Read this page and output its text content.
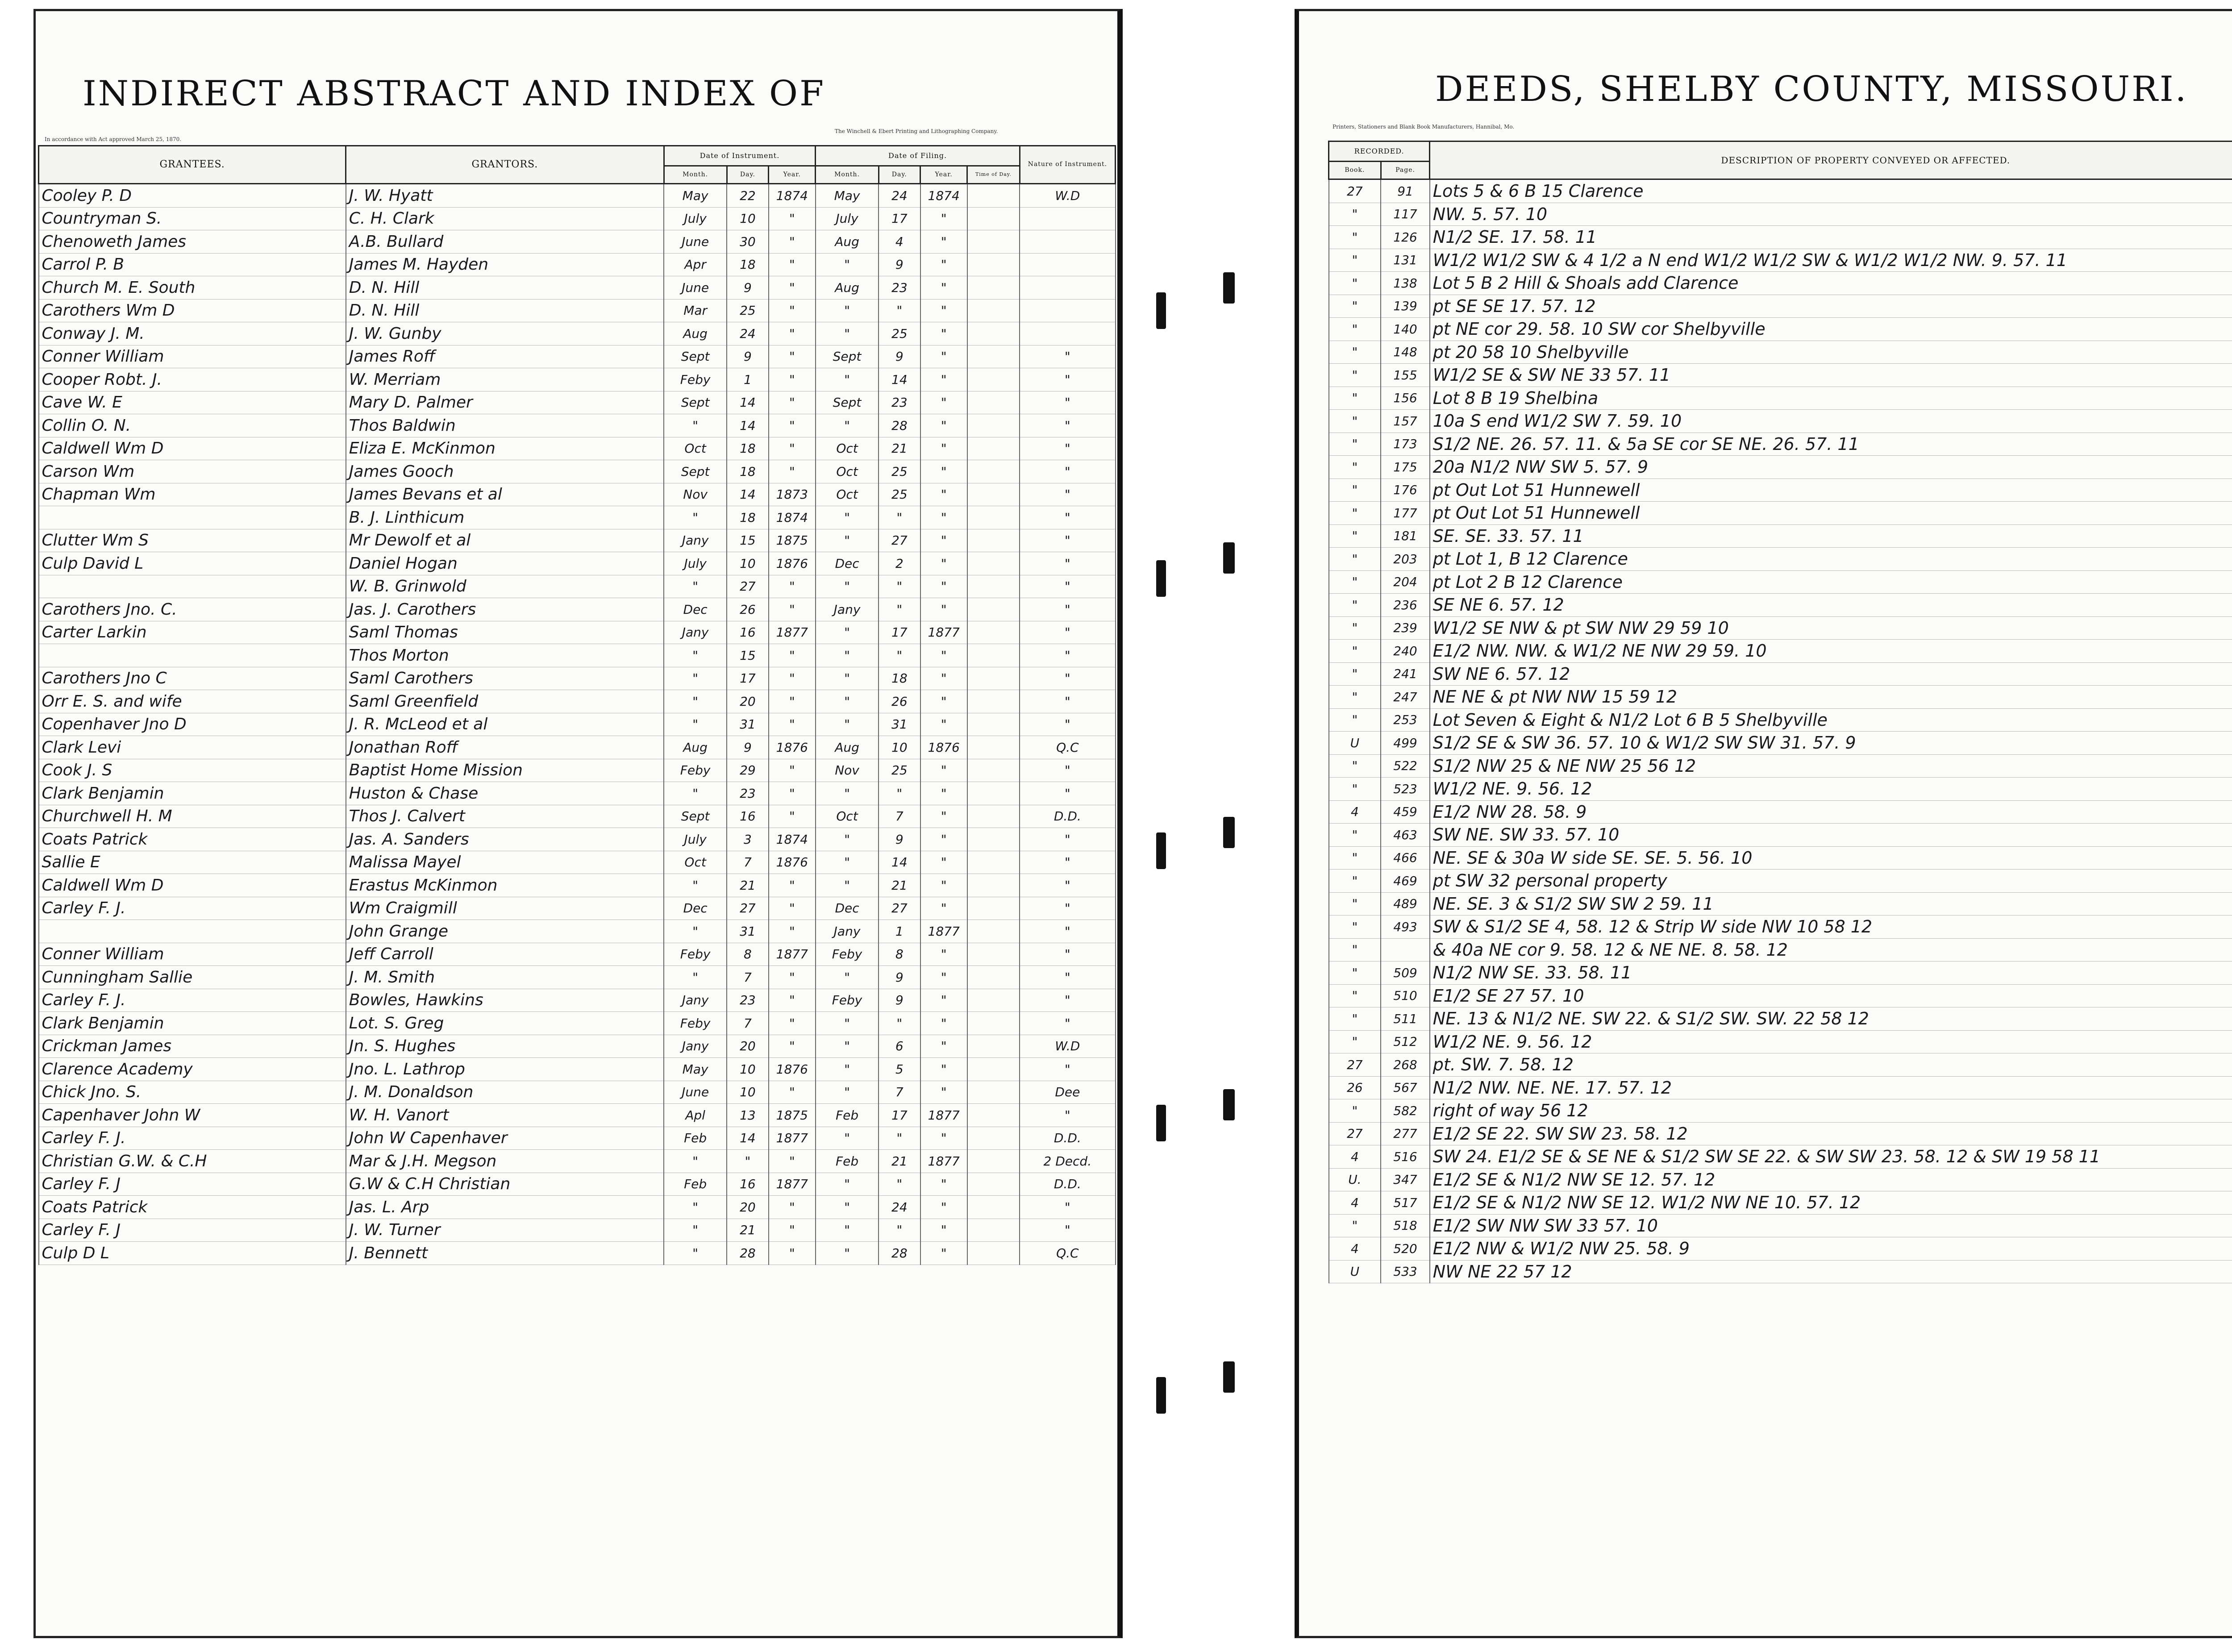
INDIRECT ABSTRACT AND INDEX OF
In accordance with Act approved March 25, 1870.
The Winchell & Ebert Printing and Lithographing Company.
GRANTEES.	GRANTORS.	Date of Instrument.			Date of Filing.				Nature of Instrument.
		Month.	Day.	Year.	Month.	Day.	Year.	Time of Day.	
Cooley P. D	J. W. Hyatt	May	22	1874	May	24	1874		W.D
Countryman S.	C. H. Clark	July	10	"	July	17	"		
Chenoweth James	A.B. Bullard	June	30	"	Aug	4	"		
Carrol P. B	James M. Hayden	Apr	18	"	"	9	"		
Church M. E. South	D. N. Hill	June	9	"	Aug	23	"		
Carothers Wm D	D. N. Hill	Mar	25	"	"	"	"		
Conway J. M.	J. W. Gunby	Aug	24	"	"	25	"		
Conner William	James Roff	Sept	9	"	Sept	9	"		"
Cooper Robt. J.	W. Merriam	Feby	1	"	"	14	"		"
Cave W. E	Mary D. Palmer	Sept	14	"	Sept	23	"		"
Collin O. N.	Thos Baldwin	"	14	"	"	28	"		"
Caldwell Wm D	Eliza E. McKinmon	Oct	18	"	Oct	21	"		"
Carson Wm	James Gooch	Sept	18	"	Oct	25	"		"
Chapman Wm	James Bevans et al	Nov	14	1873	Oct	25	"		"
	B. J. Linthicum	"	18	1874	"	"	"		"
Clutter Wm S	Mr Dewolf et al	Jany	15	1875	"	27	"		"
Culp David L	Daniel Hogan	July	10	1876	Dec	2	"		"
	W. B. Grinwold	"	27	"	"	"	"		"
Carothers Jno. C.	Jas. J. Carothers	Dec	26	"	Jany	"	"		"
Carter Larkin	Saml Thomas	Jany	16	1877	"	17	1877		"
	Thos Morton	"	15	"	"	"	"		"
Carothers Jno C	Saml Carothers	"	17	"	"	18	"		"
Orr E. S. and wife	Saml Greenfield	"	20	"	"	26	"		"
Copenhaver Jno D	J. R. McLeod et al	"	31	"	"	31	"		"
Clark Levi	Jonathan Roff	Aug	9	1876	Aug	10	1876		Q.C
Cook J. S	Baptist Home Mission	Feby	29	"	Nov	25	"		"
Clark Benjamin	Huston & Chase	"	23	"	"	"	"		"
Churchwell H. M	Thos J. Calvert	Sept	16	"	Oct	7	"		D.D.
Coats Patrick	Jas. A. Sanders	July	3	1874	"	9	"		"
Sallie E	Malissa Mayel	Oct	7	1876	"	14	"		"
Caldwell Wm D	Erastus McKinmon	"	21	"	"	21	"		"
Carley F. J.	Wm Craigmill	Dec	27	"	Dec	27	"		"
	John Grange	"	31	"	Jany	1	1877		"
Conner William	Jeff Carroll	Feby	8	1877	Feby	8	"		"
Cunningham Sallie	J. M. Smith	"	7	"	"	9	"		"
Carley F. J.	Bowles, Hawkins	Jany	23	"	Feby	9	"		"
Clark Benjamin	Lot. S. Greg	Feby	7	"	"	"	"		"
Crickman James	Jn. S. Hughes	Jany	20	"	"	6	"		W.D
Clarence Academy	Jno. L. Lathrop	May	10	1876	"	5	"		"
Chick Jno. S.	J. M. Donaldson	June	10	"	"	7	"		Dee
Capenhaver John W	W. H. Vanort	Apl	13	1875	Feb	17	1877		"
Carley F. J.	John W Capenhaver	Feb	14	1877	"	"	"		D.D.
Christian G.W. & C.H	Mar & J.H. Megson	"	"	"	Feb	21	1877		2 Decd.
Carley F. J	G.W & C.H Christian	Feb	16	1877	"	"	"		D.D.
Coats Patrick	Jas. L. Arp	"	20	"	"	24	"		"
Carley F. J	J. W. Turner	"	21	"	"	"	"		"
Culp D L	J. Bennett	"	28	"	"	28	"		Q.C
DEEDS, SHELBY COUNTY, MISSOURI.
Printers, Stationers and Blank Book Manufacturers, Hannibal, Mo.
RECORDED.		DESCRIPTION OF PROPERTY CONVEYED OR AFFECTED.		
Book.	Page.			
27	91	Lots 5 & 6 B 15 Clarence		
"	117	NW. 5. 57. 10		
"	126	N1/2 SE. 17. 58. 11		
"	131	W1/2 W1/2 SW & 4 1/2 a N end W1/2 W1/2 SW & W1/2 W1/2 NW. 9. 57. 11		
"	138	Lot 5 B 2 Hill & Shoals add Clarence		
"	139	pt SE SE 17. 57. 12		
"	140	pt NE cor 29. 58. 10 SW cor Shelbyville		
"	148	pt 20 58 10 Shelbyville		
"	155	W1/2 SE & SW NE 33 57. 11		
"	156	Lot 8 B 19 Shelbina		
"	157	10a S end W1/2 SW 7. 59. 10		
"	173	S1/2 NE. 26. 57. 11. & 5a SE cor SE NE. 26. 57. 11		
"	175	20a N1/2 NW SW 5. 57. 9		
"	176	pt Out Lot 51 Hunnewell		
"	177	pt Out Lot 51 Hunnewell		
"	181	SE. SE. 33. 57. 11		
"	203	pt Lot 1, B 12 Clarence		
"	204	pt Lot 2 B 12 Clarence		
"	236	SE NE 6. 57. 12		
"	239	W1/2 SE NW & pt SW NW 29 59 10		
"	240	E1/2 NW. NW. & W1/2 NE NW 29 59. 10		
"	241	SW NE 6. 57. 12		
"	247	NE NE & pt NW NW 15 59 12		
"	253	Lot Seven & Eight & N1/2 Lot 6 B 5 Shelbyville		
U	499	S1/2 SE & SW 36. 57. 10 & W1/2 SW SW 31. 57. 9		
"	522	S1/2 NW 25 & NE NW 25 56 12		
"	523	W1/2 NE. 9. 56. 12		
4	459	E1/2 NW 28. 58. 9		
"	463	SW NE. SW 33. 57. 10		
"	466	NE. SE & 30a W side SE. SE. 5. 56. 10		
"	469	pt SW 32 personal property		
"	489	NE. SE. 3 & S1/2 SW SW 2 59. 11		
"	493	SW & S1/2 SE 4, 58. 12 & Strip W side NW 10 58 12		
"		& 40a NE cor 9. 58. 12 & NE NE. 8. 58. 12		
"	509	N1/2 NW SE. 33. 58. 11		
"	510	E1/2 SE 27 57. 10		
"	511	NE. 13 & N1/2 NE. SW 22. & S1/2 SW. SW. 22 58 12		
"	512	W1/2 NE. 9. 56. 12		
27	268	pt. SW. 7. 58. 12		
26	567	N1/2 NW. NE. NE. 17. 57. 12		
"	582	right of way 56 12		
27	277	E1/2 SE 22. SW SW 23. 58. 12		
4	516	SW 24. E1/2 SE & SE NE & S1/2 SW SE 22. & SW SW 23. 58. 12 & SW 19 58 11		
U.	347	E1/2 SE & N1/2 NW SE 12. 57. 12		
4	517	E1/2 SE & N1/2 NW SE 12. W1/2 NW NE 10. 57. 12		
"	518	E1/2 SW NW SW 33 57. 10		
4	520	E1/2 NW & W1/2 NW 25. 58. 9		
U	533	NW NE 22 57 12		
